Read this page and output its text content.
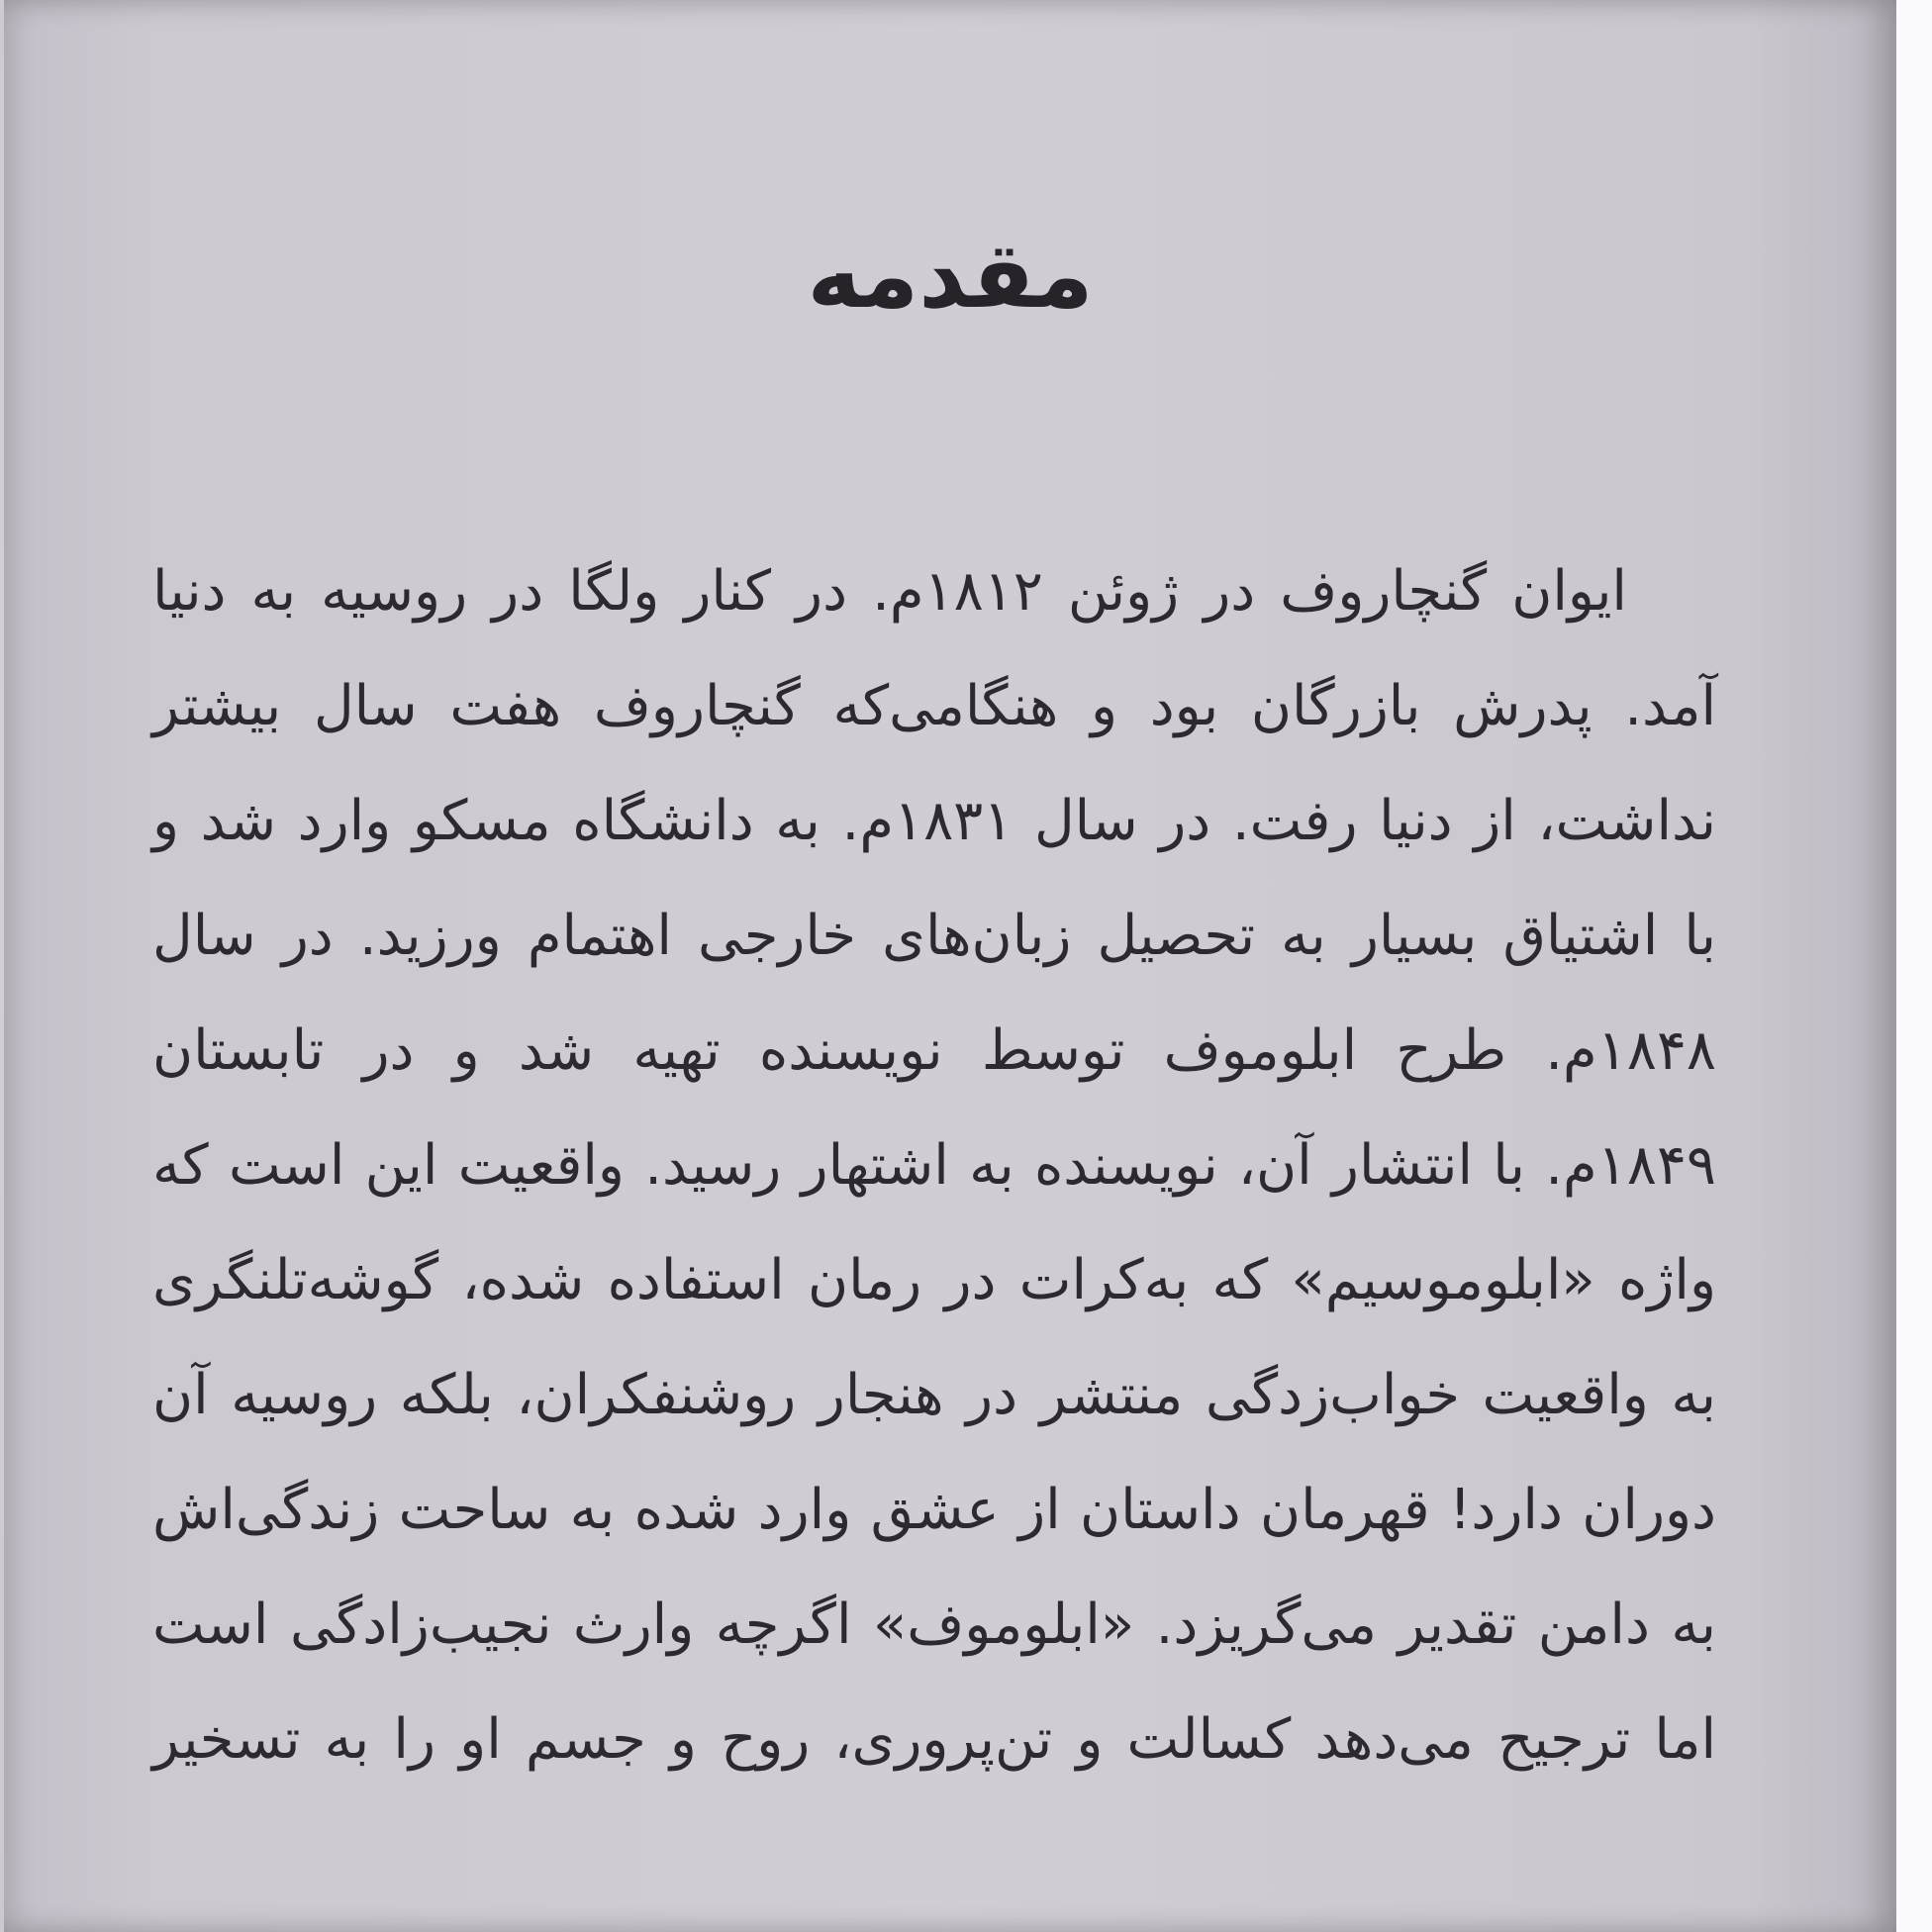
مقدمه
ایوان گنچاروف در ژوئن ۱۸۱۲م. در کنار ولگا در روسیه به دنیا
آمد. پدرش بازرگان بود و هنگامی‌که گنچاروف هفت سال بیشتر
نداشت، از دنیا رفت. در سال ۱۸۳۱م. به دانشگاه مسکو وارد شد و
با اشتیاق بسیار به تحصیل زبان‌های خارجی اهتمام ورزید. در سال
۱۸۴۸م. طرح ابلوموف توسط نویسنده تهیه شد و در تابستان
۱۸۴۹م. با انتشار آن، نویسنده به اشتهار رسید. واقعیت این است که
واژه «ابلوموسیم» که به‌کرات در رمان استفاده شده، گوشه‌تلنگری
به واقعیت خواب‌زدگی منتشر در هنجار روشنفکران، بلکه روسیه آن
دوران دارد! قهرمان داستان از عشق وارد شده به ساحت زندگی‌اش
به دامن تقدیر می‌گریزد. «ابلوموف» اگرچه وارث نجیب‌زادگی است
اما ترجیح می‌دهد کسالت و تن‌پروری، روح و جسم او را به تسخیر
